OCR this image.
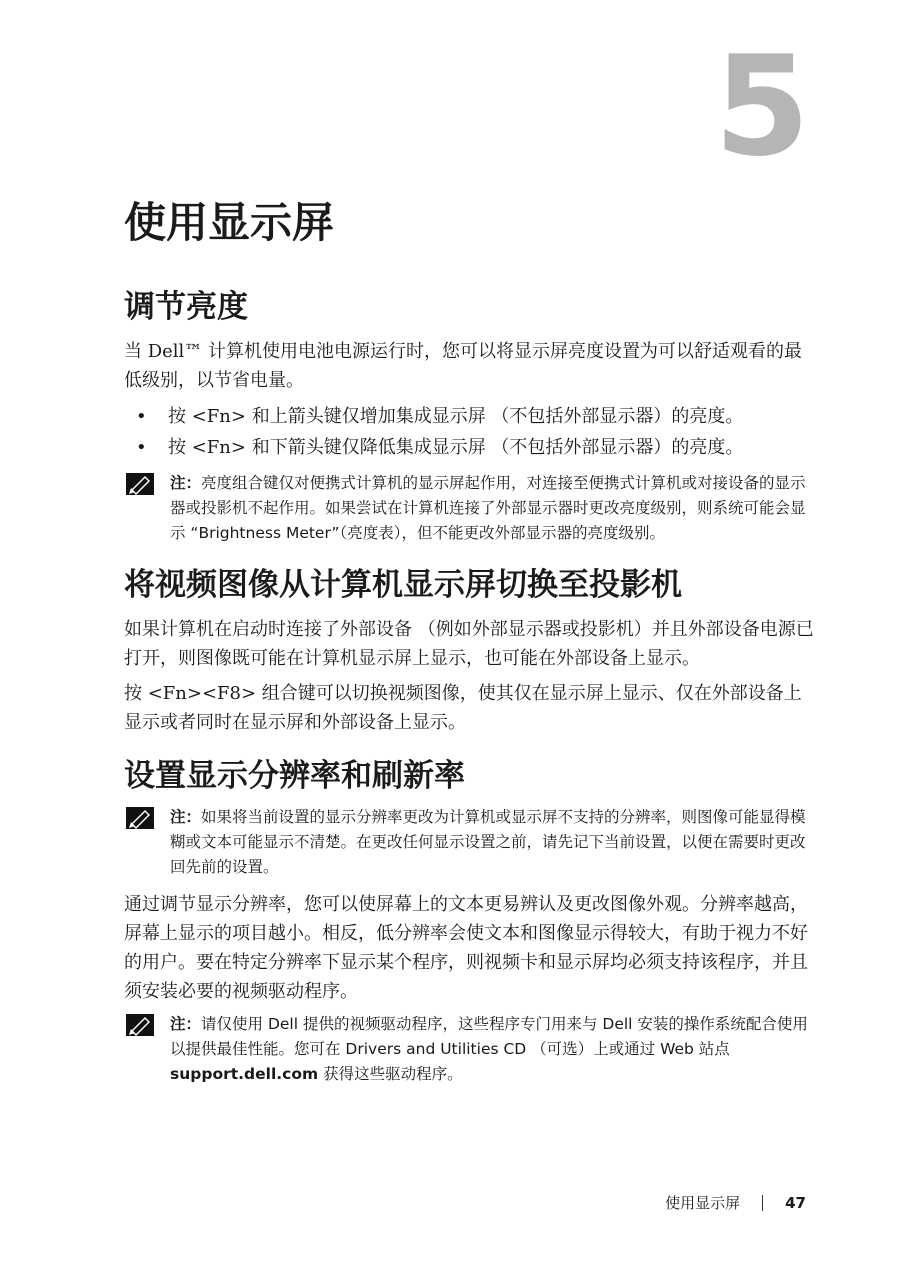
5
使用显示屏
调节亮度

当 Dell™ 计算机使用电池电源运行时，您可以将显示屏亮度设置为可以舒适观看的最低级别，以节省电量。

• 按 <Fn> 和上箭头键仅增加集成显示屏 （不包括外部显示器）的亮度。
• 按 <Fn> 和下箭头键仅降低集成显示屏 （不包括外部显示器）的亮度。
注：亮度组合键仅对便携式计算机的显示屏起作用，对连接至便携式计算机或对接设备的显示器或投影机不起作用。如果尝试在计算机连接了外部显示器时更改亮度级别，则系统可能会显示 “Brightness Meter”（亮度表），但不能更改外部显示器的亮度级别。
将视频图像从计算机显示屏切换至投影机

如果计算机在启动时连接了外部设备 （例如外部显示器或投影机）并且外部设备电源已打开，则图像既可能在计算机显示屏上显示，也可能在外部设备上显示。

按 <Fn><F8> 组合键可以切换视频图像，使其仅在显示屏上显示、仅在外部设备上显示或者同时在显示屏和外部设备上显示。

设置显示分辨率和刷新率
注：如果将当前设置的显示分辨率更改为计算机或显示屏不支持的分辨率，则图像可能显得模糊或文本可能显示不清楚。在更改任何显示设置之前，请先记下当前设置，以便在需要时更改回先前的设置。

通过调节显示分辨率，您可以使屏幕上的文本更易辨认及更改图像外观。分辨率越高，屏幕上显示的项目越小。相反，低分辨率会使文本和图像显示得较大，有助于视力不好的用户。要在特定分辨率下显示某个程序，则视频卡和显示屏均必须支持该程序，并且须安装必要的视频驱动程序。

注：请仅使用 Dell 提供的视频驱动程序，这些程序专门用来与 Dell 安装的操作系统配合使用以提供最佳性能。您可在 Drivers and Utilities CD （可选）上或通过 Web 站点 support.dell.com 获得这些驱动程序。
使用显示屏	47
